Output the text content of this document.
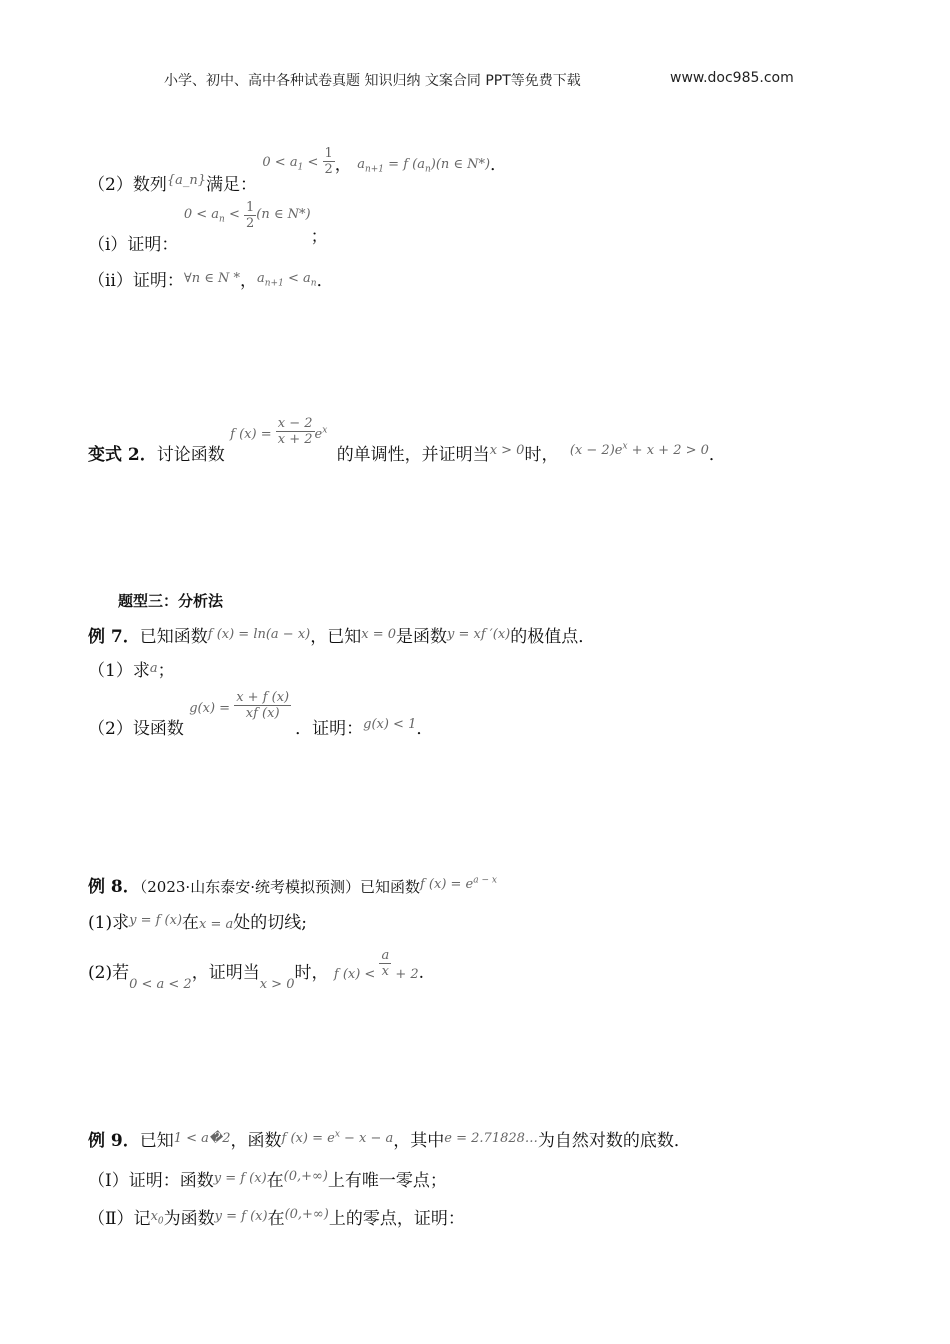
小学、初中、高中各种试卷真题 知识归纳 文案合同 PPT等免费下载	www.doc985.com
（2）数列$_{\{a\_n\}}$满足： $0 < a_1 < \frac{1}{2}$ ， $a_{n+1} = f$ $(a_n)(n$ ∈ N*)．
（ⅰ）证明： $^{0 < a_n <} \frac{1}{2} ^{(n \in N*)}$；
（ⅱ）证明：$^{\forall n \in N *}$，$^{a_{n+1} < a_n}$．
变式 2．讨论函数 f $(x) = \frac{x - 2}{x + 2} e^x$ 的单调性，并证明当$_{x > 0}$时， $_{(x - 2)e^x + x + 2 > 0}$．
题型三：分析法
例 7．已知函数$^{f (x) = ln(a - x)}$，已知$^{x = 0}$是函数$^{y = xf '(x)}$的极值点．
（1）求$^a$；
（2）设函数 $g(x) = \frac{x + f (x)}{xf (x)}$
．证明：$_{g(x) < 1}$．
例 8．（2023·山东泰安·统考模拟预测）已知函数$^{f (x) = e^{a - x}}$
(1)求$^{y = f (x)}$在x = a处的切线;
(2)若$_{0 < a < 2}$，证明当$_{x > 0}$时， $_{f (x) <} \frac{a}{x} _{+ 2}$.
例 9．已知$^{1 < a�2}$，函数$^{f (x) = e^x - x - a}$，其中$^{e = 2.71828\dots}$为自然对数的底数．
（Ⅰ）证明：函数$^{y = f (x)}$在$^{(0,+\infty)}$上有唯一零点；
（Ⅱ）记$^{x_0}$为函数$^{y = f (x)}$在$^{(0,+\infty)}$上的零点，证明：
